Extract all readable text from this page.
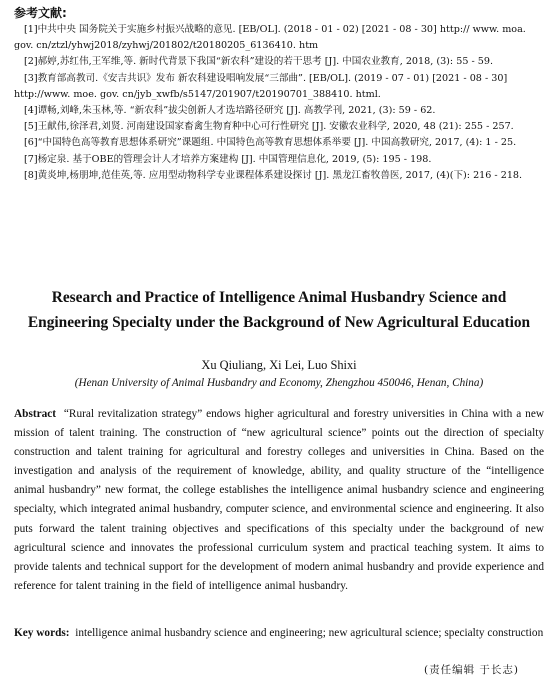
参考文献:

[1]中共中央 国务院关于实施乡村振兴战略的意见. [EB/OL]. (2018 - 01 - 02) [2021 - 08 - 30] http:// www. moa. gov. cn/ztzl/yhwj2018/zyhwj/201802/t20180205_6136410. htm

[2]郝婷,苏红伟,王军维,等. 新时代背景下我国“新农科”建设的若干思考 [J]. 中国农业教育, 2018, (3): 55 - 59.

[3]教育部高教司.《安吉共识》发布 新农科建设唱响发展“三部曲”. [EB/OL]. (2019 - 07 - 01) [2021 - 08 - 30] http://www. moe. gov. cn/jyb_xwfb/s5147/201907/t20190701_388410. html.

[4]谭畅,刘峰,朱玉林,等. “新农科”拔尖创新人才选培路径研究 [J]. 高教学刊, 2021, (3): 59 - 62.

[5]王献伟,徐泽君,刘贤. 河南建设国家畜禽生物育种中心可行性研究 [J]. 安徽农业科学, 2020, 48 (21): 255 - 257.

[6]“中国特色高等教育思想体系研究”课题组. 中国特色高等教育思想体系举要 [J]. 中国高教研究, 2017, (4): 1 - 25.

[7]杨定泉. 基于OBE的管理会计人才培养方案建构 [J]. 中国管理信息化, 2019, (5): 195 - 198.

[8]黄炎坤,杨朋坤,范佳英,等. 应用型动物科学专业课程体系建设探讨 [J]. 黑龙江畜牧兽医, 2017, (4)(下): 216 - 218.

Research and Practice of Intelligence Animal Husbandry Science and Engineering Specialty under the Background of New Agricultural Education
Xu Qiuliang, Xi Lei, Luo Shixi
(Henan University of Animal Husbandry and Economy, Zhengzhou 450046, Henan, China)
Abstract “Rural revitalization strategy” endows higher agricultural and forestry universities in China with a new mission of talent training. The construction of “new agricultural science” points out the direction of specialty construction and talent training for agricultural and forestry colleges and universities in China. Based on the investigation and analysis of the requirement of knowledge, ability, and quality structure of the “intelligence animal husbandry” new format, the college establishes the intelligence animal husbandry science and engineering specialty, which integrated animal husbandry, computer science, and environmental science and engineering. It also puts forward the talent training objectives and specifications of this specialty under the background of new agricultural science and innovates the professional curriculum system and practical teaching system. It aims to provide talents and technical support for the development of modern animal husbandry and provide experience and reference for talent training in the field of intelligence animal husbandry.
Key words: intelligence animal husbandry science and engineering; new agricultural science; specialty construction
(责任编辑 于长志)
